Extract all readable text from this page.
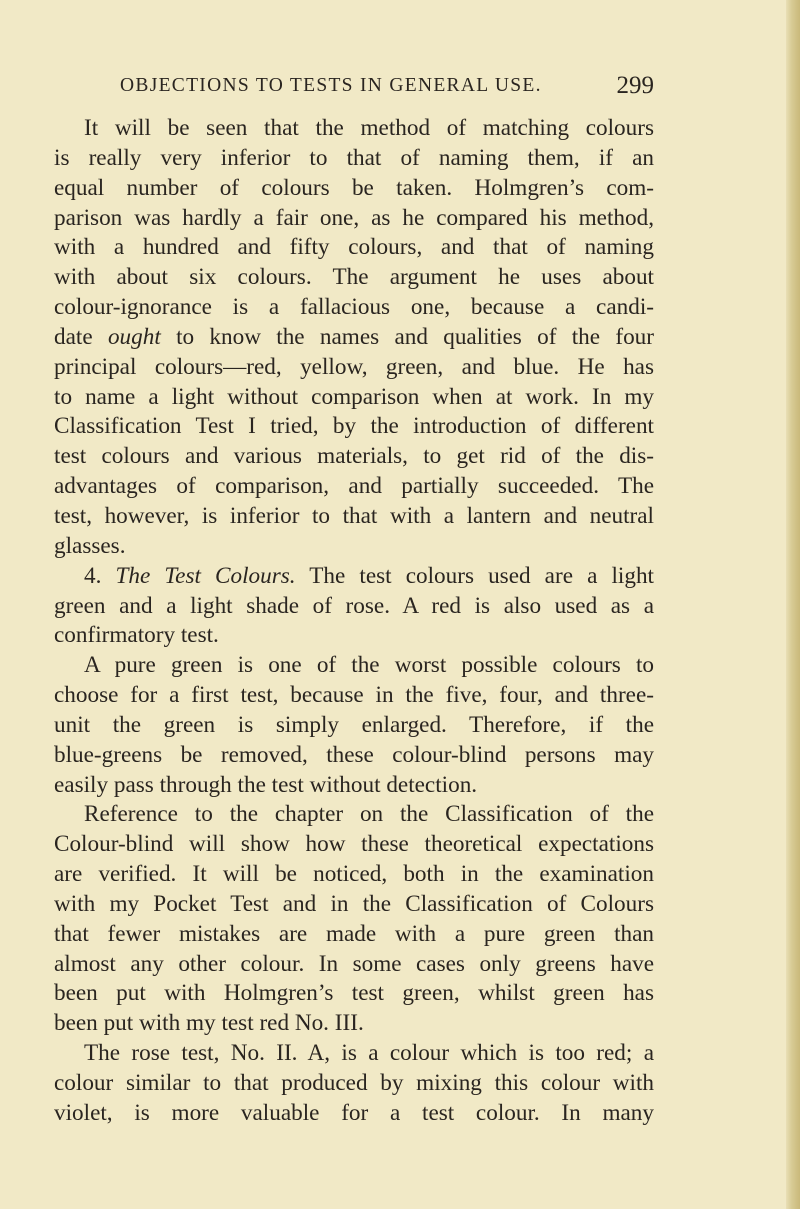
OBJECTIONS TO TESTS IN GENERAL USE.	299
It will be seen that the method of matching colours
is really very inferior to that of naming them, if an
equal number of colours be taken. Holmgren’s com-
parison was hardly a fair one, as he compared his method,
with a hundred and fifty colours, and that of naming
with about six colours. The argument he uses about
colour-ignorance is a fallacious one, because a candi-
date ought to know the names and qualities of the four
principal colours—red, yellow, green, and blue. He has
to name a light without comparison when at work. In my
Classification Test I tried, by the introduction of different
test colours and various materials, to get rid of the dis-
advantages of comparison, and partially succeeded. The
test, however, is inferior to that with a lantern and neutral
glasses.
4. The Test Colours. The test colours used are a light
green and a light shade of rose. A red is also used as a
confirmatory test.
A pure green is one of the worst possible colours to
choose for a first test, because in the five, four, and three-
unit the green is simply enlarged. Therefore, if the
blue-greens be removed, these colour-blind persons may
easily pass through the test without detection.
Reference to the chapter on the Classification of the
Colour-blind will show how these theoretical expectations
are verified. It will be noticed, both in the examination
with my Pocket Test and in the Classification of Colours
that fewer mistakes are made with a pure green than
almost any other colour. In some cases only greens have
been put with Holmgren’s test green, whilst green has
been put with my test red No. III.
The rose test, No. II. A, is a colour which is too red; a
colour similar to that produced by mixing this colour with
violet, is more valuable for a test colour. In many
